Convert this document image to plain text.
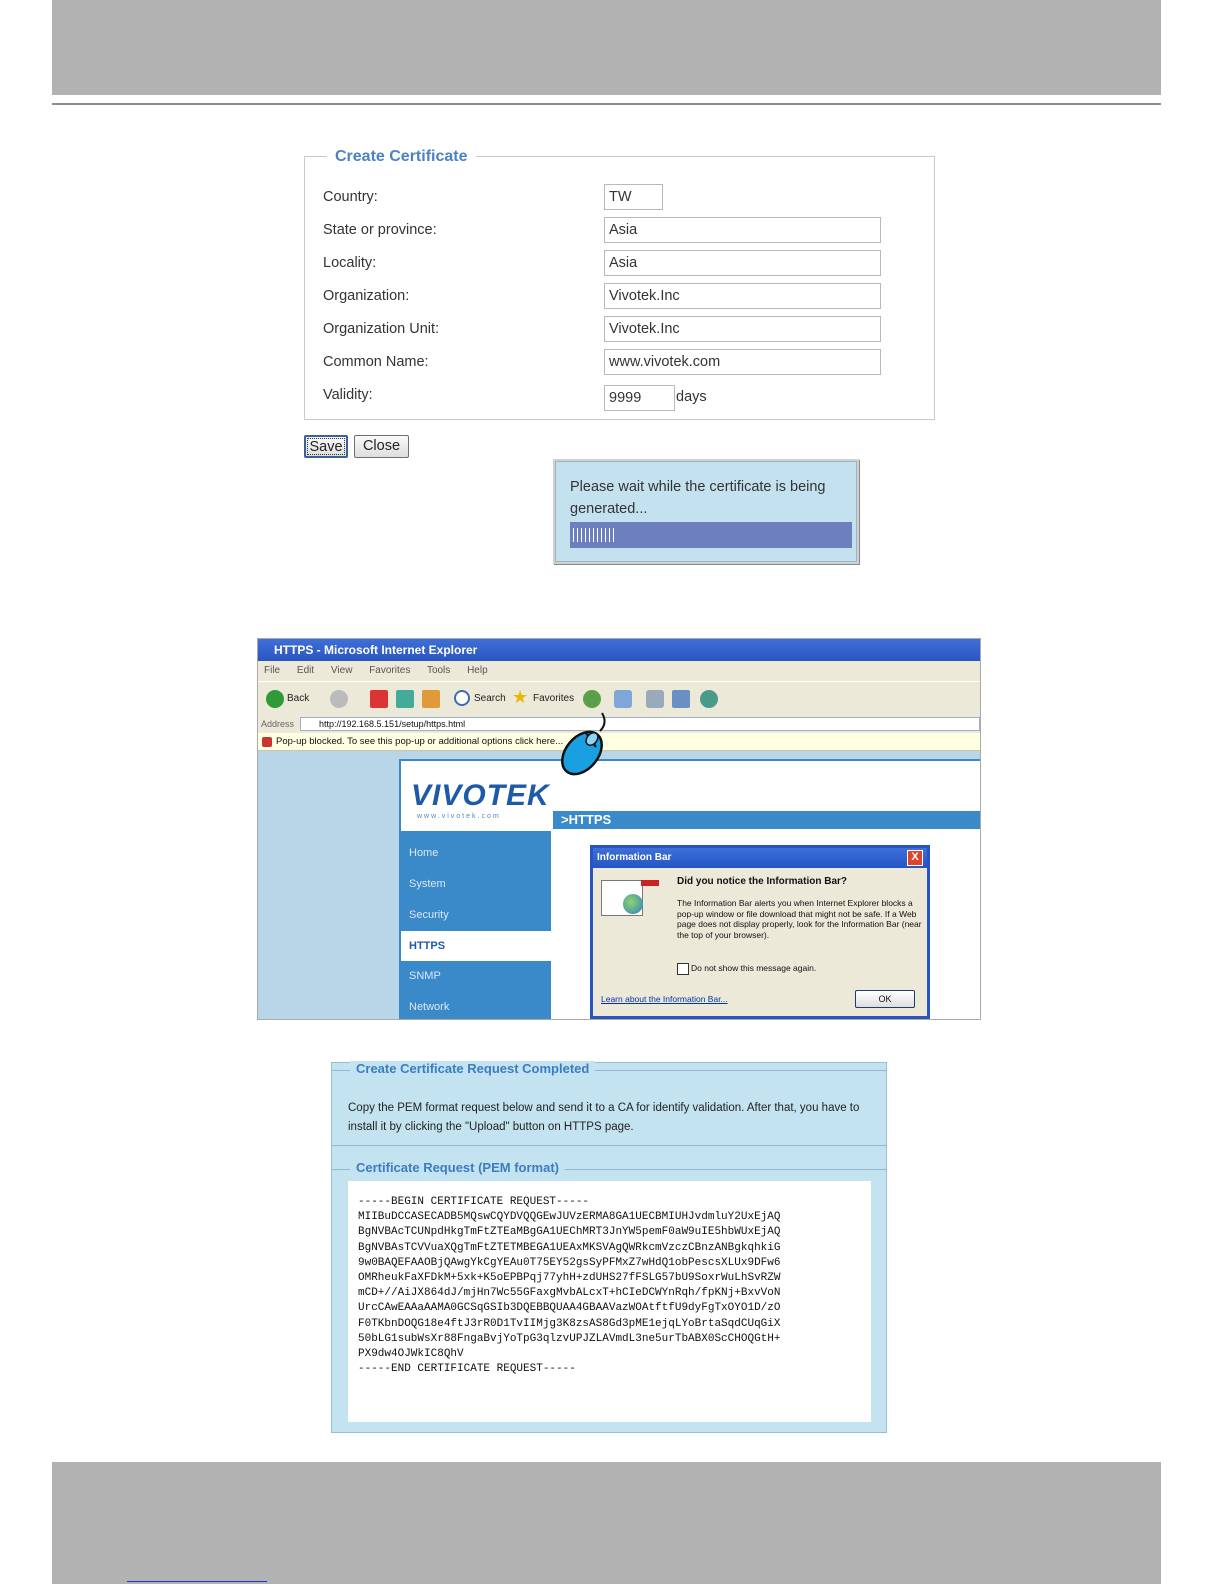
Create Certificate
Country:	TW
State or province:	Asia
Locality:	Asia
Organization:	Vivotek.Inc
Organization Unit:	Vivotek.Inc
Common Name:	www.vivotek.com
Validity:	9999	days
Save	Close
Please wait while the certificate is being generated...
HTTPS - Microsoft Internet Explorer
File Edit View Favorites Tools Help
Back	Search ★ Favorites
Address	http://192.168.5.151/setup/https.html
Pop-up blocked. To see this pop-up or additional options click here...
VIVOTEK
www.vivotek.com	>HTTPS
Home
System
Security
HTTPS
SNMP
Network
Information Bar	X
Did you notice the Information Bar?
The Information Bar alerts you when Internet Explorer blocks a pop-up window or file download that might not be safe. If a Web page does not display properly, look for the Information Bar (near the top of your browser).
Do not show this message again.
Learn about the Information Bar...	OK
Create Certificate Request Completed
Copy the PEM format request below and send it to a CA for identify validation. After that, you have to install it by clicking the "Upload" button on HTTPS page.
Certificate Request (PEM format)
-----BEGIN CERTIFICATE REQUEST-----
MIIBuDCCASECADB5MQswCQYDVQQGEwJUVzERMA8GA1UECBMIUHJvdmluY2UxEjAQ
BgNVBAcTCUNpdHkgTmFtZTEaMBgGA1UEChMRT3JnYW5pemF0aW9uIE5hbWUxEjAQ
BgNVBAsTCVVuaXQgTmFtZTETMBEGA1UEAxMKSVAgQWRkcmVzczCBnzANBgkqhkiG
9w0BAQEFAAOBjQAwgYkCgYEAu0T75EY52gsSyPFMxZ7wHdQ1obPescsXLUx9DFw6
OMRheukFaXFDkM+5xk+K5oEPBPqj77yhH+zdUHS27fFSLG57bU9SoxrWuLhSvRZW
mCD+//AiJX864dJ/mjHn7Wc55GFaxgMvbALcxT+hCIeDCWYnRqh/fpKNj+BxvVoN
UrcCAwEAAaAAMA0GCSqGSIb3DQEBBQUAA4GBAAVazWOAtftfU9dyFgTxOYO1D/zO
F0TKbnDOQG18e4ftJ3rR0D1TvIIMjg3K8zsAS8Gd3pME1ejqLYoBrtaSqdCUqGiX
50bLG1subWsXr88FngaBvjYoTpG3qlzvUPJZLAVmdL3ne5urTbABX0ScCHOQGtH+
PX9dw4OJWkIC8QhV
-----END CERTIFICATE REQUEST-----
